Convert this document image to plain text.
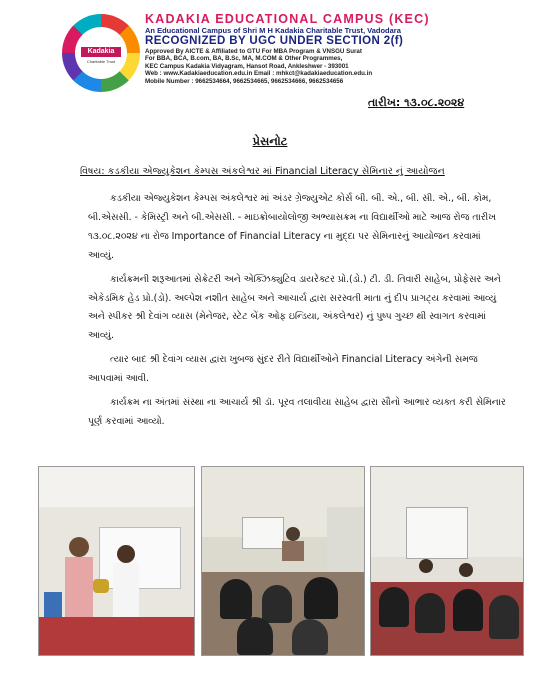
Kadakia
Charitable Trust
KADAKIA EDUCATIONAL CAMPUS (KEC)
An Educational Campus of Shri M H Kadakia Charitable Trust, Vadodara
RECOGNIZED BY UGC UNDER SECTION 2(f)
Approved By AICTE & Affiliated to GTU For MBA Program & VNSGU Surat
For BBA, BCA, B.com, BA, B.Sc, MA, M.COM & Other Programmes,
KEC Campus Kadakia Vidyagram, Hansot Road, Ankleshwer - 393001
Web : www.Kadakiaeducation.edu.in Email : mhkct@kadakiaeducation.edu.in
Mobile Number : 9662534664, 9662534665, 9662534666, 9662534656
તારીખ: ૧૩.૦૮.૨૦૨૪
પ્રેસનોટ
વિષય: કડકીયા એજ્યુકેશન કેમ્પસ અંકલેશ્વર માં Financial Literacy સેમિનાર નું આયોજન

કડકીયા એજ્યુકેશન કેમ્પસ અંકલેશ્વર માં અંડર ગ્રેજ્યુએટ કોર્સ બી. બી. એ., બી. સી. એ., બી. કોમ, બી.એસસી. - કેમિસ્ટ્રી અને બી.એસસી. - માઇક્રોબાયોલોજી અભ્યાસક્રમ ના વિદ્યાર્થીઓ માટે આજ રોજ તારીખ ૧૩.૦૮.૨૦૨૪ ના રોજ Importance of Financial Literacy ના મુદ્દા પર સેમિનારનું આયોજન કરવામાં આવ્યું.

કાર્યક્રમની શરૂઆતમાં સેક્રેટરી અને એક્ઝિક્યુટિવ ડાયરેક્ટર પ્રો.(ડો.) ટી. ડી. તિવારી સાહેબ, પ્રોફેસર અને એકેડમિક હેડ પ્રો.(ડો). અલ્પેશ નશીત સાહેબ અને આચાર્ય દ્વારા સરસ્વતી માતા નું દીપ પ્રાગટ્ય કરવામાં આવ્યું અને સ્પીકર શ્રી દેવાંગ વ્યાસ (મેનેજર, સ્ટેટ બેંક ઓફ ઇન્ડિયા, અંકલેશ્વર) નું પુષ્પ ગુચ્છ થી સ્વાગત કરવામાં આવ્યું.

ત્યાર બાદ શ્રી દેવાંગ વ્યાસ દ્વારા ખુબજ સુંદર રીતે વિદ્યાર્થીઓને Financial Literacy અંગેની સમજ આપવામાં આવી.

કાર્યક્રમ ના અંતમાં સંસ્થા ના આચાર્ય શ્રી ડૉ. પૂરવ તલાવીયા સાહેબ દ્વારા સૌનો આભાર વ્યક્ત કરી સેમિનાર પૂર્ણ કરવામાં આવ્યો.
